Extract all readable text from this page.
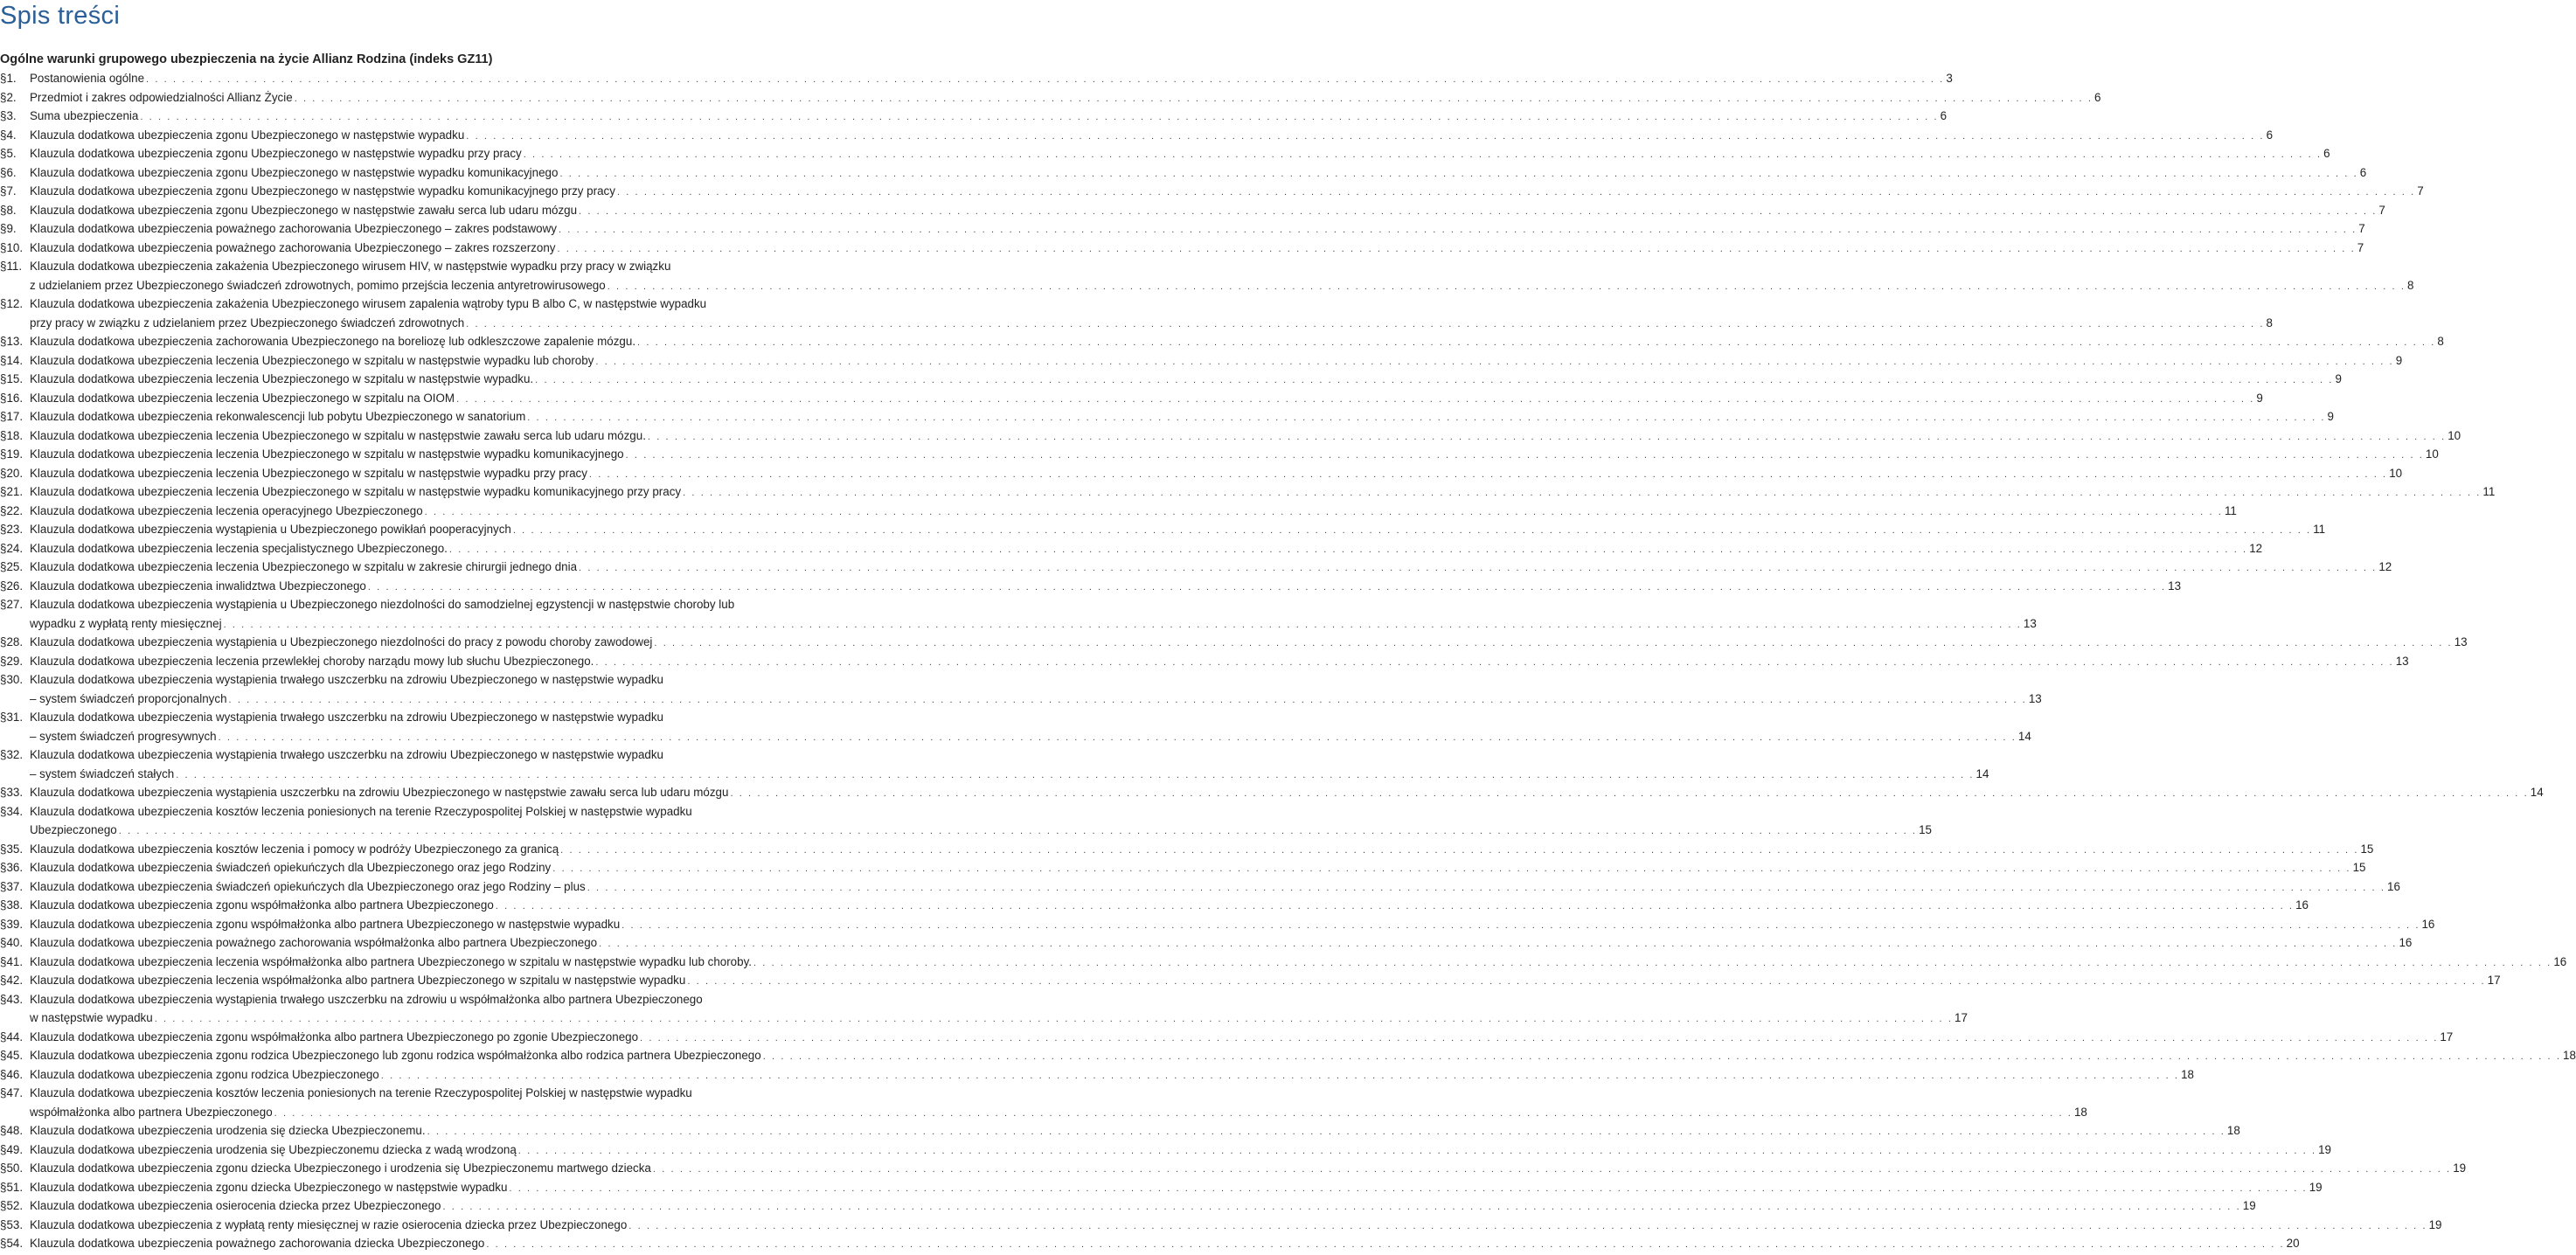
Spis treści
Ogólne warunki grupowego ubezpieczenia na życie Allianz Rodzina (indeks GZ11)
§1. Postanowienia ogólne . . . . . . . . . . . . . . . . . . . . . . . . . . . . . . . . . . . . . . . . . . . . . . . . . . . . . . . . . . . . . . . . . . . . . . . . . . . . . . . . . . . . . . . . . . . . . . . . . . . . . . . . . . . . . . . . . . . . . . . . . . . . . . . . . . . . . . . . . . . . . . . . . . . . . . . . . . . . . . . . . . . . . . . . . . . . . . . . . . . . . . . . . . . . . . . . . . . . . . . . 3
§2. Przedmiot i zakres odpowiedzialności Allianz Życie . . . . . . . . . . . . . . . . . . . . . . . . . . . . . . . . . . . . . . . . . . . . . . . . . . . . . . . . . . . . . . . . . . . . . . . . . . . . . . . . . . . . . . . . . . . . . . . . . . . . . . . . . . . . . . . . . . . . . . . . . . . . . . . . . . . . . . . . . . . . . . . . . . . . . . . . . . . . . . . . . . . . . . . . . . . . . . . . . . . . . . . . . . . . . . . . . . . . . . . . 6
§3. Suma ubezpieczenia . . . . . . . . . . . . . . . . . . . . . . . . . . . . . . . . . . . . . . . . . . . . . . . . . . . . . . . . . . . . . . . . . . . . . . . . . . . . . . . . . . . . . . . . . . . . . . . . . . . . . . . . . . . . . . . . . . . . . . . . . . . . . . . . . . . . . . . . . . . . . . . . . . . . . . . . . . . . . . . . . . . . . . . . . . . . . . . . . . . . . . . . . . . . . . . . . . . . . . . . 6
§4. Klauzula dodatkowa ubezpieczenia zgonu Ubezpieczonego w następstwie wypadku . . . . . . . . . . . . . . . . . . . . . . . . . . . . . . . . . . . . . . . . . . . . . . . . . . . . . . . . . . . . . . . . . . . . . . . . . . . . . . . . . . . . . . . . . . . . . . . . . . . . . . . . . . . . . . . . . . . . . . . . . . . . . . . . . . . . . . . . . . . . . . . . . . . . . . . . . . . . . . . . . . . . . . . . . . . . . . . . . . . . . . . . . . . . . . . . . . . . . . . . 6
§5. Klauzula dodatkowa ubezpieczenia zgonu Ubezpieczonego w następstwie wypadku przy pracy . . . . . . . . . . . . . . . . . . . . . . . . . . . . . . . . . . . . . . . . . . . . . . . . . . . . . . . . . . . . . . . . . . . . . . . . . . . . . . . . . . . . . . . . . . . . . . . . . . . . . . . . . . . . . . . . . . . . . . . . . . . . . . . . . . . . . . . . . . . . . . . . . . . . . . . . . . . . . . . . . . . . . . . . . . . . . . . . . . . . . . . . . . . . . . . . . . . . . . . . 6
§6. Klauzula dodatkowa ubezpieczenia zgonu Ubezpieczonego w następstwie wypadku komunikacyjnego . . . . . . . . . . . . . . . . . . . . . . . . . . . . . . . . . . . . . . . . . . . . . . . . . . . . . . . . . . . . . . . . . . . . . . . . . . . . . . . . . . . . . . . . . . . . . . . . . . . . . . . . . . . . . . . . . . . . . . . . . . . . . . . . . . . . . . . . . . . . . . . . . . . . . . . . . . . . . . . . . . . . . . . . . . . . . . . . . . . . . . . . . . . . . . . . . . . . . . . . 6
§7. Klauzula dodatkowa ubezpieczenia zgonu Ubezpieczonego w następstwie wypadku komunikacyjnego przy pracy . . . . . . . . . . . . . . . . . . . . . . . . . . . . . . . . . . . . . . . . . . . . . . . . . . . . . . . . . . . . . . . . . . . . . . . . . . . . . . . . . . . . . . . . . . . . . . . . . . . . . . . . . . . . . . . . . . . . . . . . . . . . . . . . . . . . . . . . . . . . . . . . . . . . . . . . . . . . . . . . . . . . . . . . . . . . . . . . . . . . . . . . . . . . . . . . . . . . . . . . 7
§8. Klauzula dodatkowa ubezpieczenia zgonu Ubezpieczonego w następstwie zawału serca lub udaru mózgu . . . . . . . . . . . . . . . . . . . . . . . . . . . . . . . . . . . . . . . . . . . . . . . . . . . . . . . . . . . . . . . . . . . . . . . . . . . . . . . . . . . . . . . . . . . . . . . . . . . . . . . . . . . . . . . . . . . . . . . . . . . . . . . . . . . . . . . . . . . . . . . . . . . . . . . . . . . . . . . . . . . . . . . . . . . . . . . . . . . . . . . . . . . . . . . . . . . . . . . . 7
§9. Klauzula dodatkowa ubezpieczenia poważnego zachorowania Ubezpieczonego – zakres podstawowy . . . . . . . . . . . . . . . . . . . . . . . . . . . . . . . . . . . . . . . . . . . . . . . . . . . . . . . . . . . . . . . . . . . . . . . . . . . . . . . . . . . . . . . . . . . . . . . . . . . . . . . . . . . . . . . . . . . . . . . . . . . . . . . . . . . . . . . . . . . . . . . . . . . . . . . . . . . . . . . . . . . . . . . . . . . . . . . . . . . . . . . . . . . . . . . . . . . . . . . . 7
§10. Klauzula dodatkowa ubezpieczenia poważnego zachorowania Ubezpieczonego – zakres rozszerzony . . . . . . . . . . . . . . . . . . . . . . . . . . . . . . . . . . . . . . . . . . . . . . . . . . . . . . . . . . . . . . . . . . . . . . . . . . . . . . . . . . . . . . . . . . . . . . . . . . . . . . . . . . . . . . . . . . . . . . . . . . . . . . . . . . . . . . . . . . . . . . . . . . . . . . . . . . . . . . . . . . . . . . . . . . . . . . . . . . . . . . . . . . . . . . . . . . . . . . . . 7
§11. Klauzula dodatkowa ubezpieczenia zakażenia Ubezpieczonego wirusem HIV, w następstwie wypadku przy pracy w związku
z udzielaniem przez Ubezpieczonego świadczeń zdrowotnych, pomimo przejścia leczenia antyretrowirusowego . . . . . . . . . . . . . . . . . . . . . . . . . . . . . . . . . . . . . . . . . . . . . . . . . . . . . . . . . . . . . . . . . . . . . . . . . . . . . . . . . . . . . . . . . . . . . . . . . . . . . . . . . . . . . . . . . . . . . . . . . . . . . . . . . . . . . . . . . . . . . . . . . . . . . . . . . . . . . . . . . . . . . . . . . . . . . . . . . . . . . . . . . . . . . . . . . . . . . . . . 8
§12. Klauzula dodatkowa ubezpieczenia zakażenia Ubezpieczonego wirusem zapalenia wątroby typu B albo C, w następstwie wypadku
przy pracy w związku z udzielaniem przez Ubezpieczonego świadczeń zdrowotnych . . . . . . . . . . . . . . . . . . . . . . . . . . . . . . . . . . . . . . . . . . . . . . . . . . . . . . . . . . . . . . . . . . . . . . . . . . . . . . . . . . . . . . . . . . . . . . . . . . . . . . . . . . . . . . . . . . . . . . . . . . . . . . . . . . . . . . . . . . . . . . . . . . . . . . . . . . . . . . . . . . . . . . . . . . . . . . . . . . . . . . . . . . . . . . . . . . . . . . . . 8
§13. Klauzula dodatkowa ubezpieczenia zachorowania Ubezpieczonego na boreliozę lub odkleszczowe zapalenie mózgu. . . . . . . . . . . . . . . . . . . . . . . . . . . . . . . . . . . . . . . . . . . . . . . . . . . . . . . . . . . . . . . . . . . . . . . . . . . . . . . . . . . . . . . . . . . . . . . . . . . . . . . . . . . . . . . . . . . . . . . . . . . . . . . . . . . . . . . . . . . . . . . . . . . . . . . . . . . . . . . . . . . . . . . . . . . . . . . . . . . . . . . . . . . . . . . . . . . . . . . . . 8
§14. Klauzula dodatkowa ubezpieczenia leczenia Ubezpieczonego w szpitalu w następstwie wypadku lub choroby . . . . . . . . . . . . . . . . . . . . . . . . . . . . . . . . . . . . . . . . . . . . . . . . . . . . . . . . . . . . . . . . . . . . . . . . . . . . . . . . . . . . . . . . . . . . . . . . . . . . . . . . . . . . . . . . . . . . . . . . . . . . . . . . . . . . . . . . . . . . . . . . . . . . . . . . . . . . . . . . . . . . . . . . . . . . . . . . . . . . . . . . . . . . . . . . . . . . . . . . 9
§15. Klauzula dodatkowa ubezpieczenia leczenia Ubezpieczonego w szpitalu w następstwie wypadku. . . . . . . . . . . . . . . . . . . . . . . . . . . . . . . . . . . . . . . . . . . . . . . . . . . . . . . . . . . . . . . . . . . . . . . . . . . . . . . . . . . . . . . . . . . . . . . . . . . . . . . . . . . . . . . . . . . . . . . . . . . . . . . . . . . . . . . . . . . . . . . . . . . . . . . . . . . . . . . . . . . . . . . . . . . . . . . . . . . . . . . . . . . . . . . . . . . . . . . . . 9
§16. Klauzula dodatkowa ubezpieczenia leczenia Ubezpieczonego w szpitalu na OIOM . . . . . . . . . . . . . . . . . . . . . . . . . . . . . . . . . . . . . . . . . . . . . . . . . . . . . . . . . . . . . . . . . . . . . . . . . . . . . . . . . . . . . . . . . . . . . . . . . . . . . . . . . . . . . . . . . . . . . . . . . . . . . . . . . . . . . . . . . . . . . . . . . . . . . . . . . . . . . . . . . . . . . . . . . . . . . . . . . . . . . . . . . . . . . . . . . . . . . . . . 9
§17. Klauzula dodatkowa ubezpieczenia rekonwalescencji lub pobytu Ubezpieczonego w sanatorium . . . . . . . . . . . . . . . . . . . . . . . . . . . . . . . . . . . . . . . . . . . . . . . . . . . . . . . . . . . . . . . . . . . . . . . . . . . . . . . . . . . . . . . . . . . . . . . . . . . . . . . . . . . . . . . . . . . . . . . . . . . . . . . . . . . . . . . . . . . . . . . . . . . . . . . . . . . . . . . . . . . . . . . . . . . . . . . . . . . . . . . . . . . . . . . . . . . . . . . . 9
§18. Klauzula dodatkowa ubezpieczenia leczenia Ubezpieczonego w szpitalu w następstwie zawału serca lub udaru mózgu. . . . . . . . . . . . . . . . . . . . . . . . . . . . . . . . . . . . . . . . . . . . . . . . . . . . . . . . . . . . . . . . . . . . . . . . . . . . . . . . . . . . . . . . . . . . . . . . . . . . . . . . . . . . . . . . . . . . . . . . . . . . . . . . . . . . . . . . . . . . . . . . . . . . . . . . . . . . . . . . . . . . . . . . . . . . . . . . . . . . . . . . . . . . . . . . . . . . . . . . . 10
§19. Klauzula dodatkowa ubezpieczenia leczenia Ubezpieczonego w szpitalu w następstwie wypadku komunikacyjnego . . . . . . . . . . . . . . . . . . . . . . . . . . . . . . . . . . . . . . . . . . . . . . . . . . . . . . . . . . . . . . . . . . . . . . . . . . . . . . . . . . . . . . . . . . . . . . . . . . . . . . . . . . . . . . . . . . . . . . . . . . . . . . . . . . . . . . . . . . . . . . . . . . . . . . . . . . . . . . . . . . . . . . . . . . . . . . . . . . . . . . . . . . . . . . . . . . . . . . . . 10
§20. Klauzula dodatkowa ubezpieczenia leczenia Ubezpieczonego w szpitalu w następstwie wypadku przy pracy . . . . . . . . . . . . . . . . . . . . . . . . . . . . . . . . . . . . . . . . . . . . . . . . . . . . . . . . . . . . . . . . . . . . . . . . . . . . . . . . . . . . . . . . . . . . . . . . . . . . . . . . . . . . . . . . . . . . . . . . . . . . . . . . . . . . . . . . . . . . . . . . . . . . . . . . . . . . . . . . . . . . . . . . . . . . . . . . . . . . . . . . . . . . . . . . . . . . . . . . 10
§21. Klauzula dodatkowa ubezpieczenia leczenia Ubezpieczonego w szpitalu w następstwie wypadku komunikacyjnego przy pracy . . . . . . . . . . . . . . . . . . . . . . . . . . . . . . . . . . . . . . . . . . . . . . . . . . . . . . . . . . . . . . . . . . . . . . . . . . . . . . . . . . . . . . . . . . . . . . . . . . . . . . . . . . . . . . . . . . . . . . . . . . . . . . . . . . . . . . . . . . . . . . . . . . . . . . . . . . . . . . . . . . . . . . . . . . . . . . . . . . . . . . . . . . . . . . . . . . . . . . . . 11
§22. Klauzula dodatkowa ubezpieczenia leczenia operacyjnego Ubezpieczonego . . . . . . . . . . . . . . . . . . . . . . . . . . . . . . . . . . . . . . . . . . . . . . . . . . . . . . . . . . . . . . . . . . . . . . . . . . . . . . . . . . . . . . . . . . . . . . . . . . . . . . . . . . . . . . . . . . . . . . . . . . . . . . . . . . . . . . . . . . . . . . . . . . . . . . . . . . . . . . . . . . . . . . . . . . . . . . . . . . . . . . . . . . . . . . . . . . . . . . . . 11
§23. Klauzula dodatkowa ubezpieczenia wystąpienia u Ubezpieczonego powikłań pooperacyjnych . . . . . . . . . . . . . . . . . . . . . . . . . . . . . . . . . . . . . . . . . . . . . . . . . . . . . . . . . . . . . . . . . . . . . . . . . . . . . . . . . . . . . . . . . . . . . . . . . . . . . . . . . . . . . . . . . . . . . . . . . . . . . . . . . . . . . . . . . . . . . . . . . . . . . . . . . . . . . . . . . . . . . . . . . . . . . . . . . . . . . . . . . . . . . . . . . . . . . . . . 11
§24. Klauzula dodatkowa ubezpieczenia leczenia specjalistycznego Ubezpieczonego. . . . . . . . . . . . . . . . . . . . . . . . . . . . . . . . . . . . . . . . . . . . . . . . . . . . . . . . . . . . . . . . . . . . . . . . . . . . . . . . . . . . . . . . . . . . . . . . . . . . . . . . . . . . . . . . . . . . . . . . . . . . . . . . . . . . . . . . . . . . . . . . . . . . . . . . . . . . . . . . . . . . . . . . . . . . . . . . . . . . . . . . . . . . . . . . . . . . . . . . . 12
§25. Klauzula dodatkowa ubezpieczenia leczenia Ubezpieczonego w szpitalu w zakresie chirurgii jednego dnia . . . . . . . . . . . . . . . . . . . . . . . . . . . . . . . . . . . . . . . . . . . . . . . . . . . . . . . . . . . . . . . . . . . . . . . . . . . . . . . . . . . . . . . . . . . . . . . . . . . . . . . . . . . . . . . . . . . . . . . . . . . . . . . . . . . . . . . . . . . . . . . . . . . . . . . . . . . . . . . . . . . . . . . . . . . . . . . . . . . . . . . . . . . . . . . . . . . . . . . . 12
§26. Klauzula dodatkowa ubezpieczenia inwalidztwa Ubezpieczonego . . . . . . . . . . . . . . . . . . . . . . . . . . . . . . . . . . . . . . . . . . . . . . . . . . . . . . . . . . . . . . . . . . . . . . . . . . . . . . . . . . . . . . . . . . . . . . . . . . . . . . . . . . . . . . . . . . . . . . . . . . . . . . . . . . . . . . . . . . . . . . . . . . . . . . . . . . . . . . . . . . . . . . . . . . . . . . . . . . . . . . . . . . . . . . . . . . . . . . . . 13
§27. Klauzula dodatkowa ubezpieczenia wystąpienia u Ubezpieczonego niezdolności do samodzielnej egzystencji w następstwie choroby lub
wypadku z wypłatą renty miesięcznej . . . . . . . . . . . . . . . . . . . . . . . . . . . . . . . . . . . . . . . . . . . . . . . . . . . . . . . . . . . . . . . . . . . . . . . . . . . . . . . . . . . . . . . . . . . . . . . . . . . . . . . . . . . . . . . . . . . . . . . . . . . . . . . . . . . . . . . . . . . . . . . . . . . . . . . . . . . . . . . . . . . . . . . . . . . . . . . . . . . . . . . . . . . . . . . . . . . . . . . . 13
§28. Klauzula dodatkowa ubezpieczenia wystąpienia u Ubezpieczonego niezdolności do pracy z powodu choroby zawodowej . . . . . . . . . . . . . . . . . . . . . . . . . . . . . . . . . . . . . . . . . . . . . . . . . . . . . . . . . . . . . . . . . . . . . . . . . . . . . . . . . . . . . . . . . . . . . . . . . . . . . . . . . . . . . . . . . . . . . . . . . . . . . . . . . . . . . . . . . . . . . . . . . . . . . . . . . . . . . . . . . . . . . . . . . . . . . . . . . . . . . . . . . . . . . . . . . . . . . . . . 13
§29. Klauzula dodatkowa ubezpieczenia leczenia przewlekłej choroby narządu mowy lub słuchu Ubezpieczonego. . . . . . . . . . . . . . . . . . . . . . . . . . . . . . . . . . . . . . . . . . . . . . . . . . . . . . . . . . . . . . . . . . . . . . . . . . . . . . . . . . . . . . . . . . . . . . . . . . . . . . . . . . . . . . . . . . . . . . . . . . . . . . . . . . . . . . . . . . . . . . . . . . . . . . . . . . . . . . . . . . . . . . . . . . . . . . . . . . . . . . . . . . . . . . . . . . . . . . . . . 13
§30. Klauzula dodatkowa ubezpieczenia wystąpienia trwałego uszczerbku na zdrowiu Ubezpieczonego w następstwie wypadku
– system świadczeń proporcjonalnych . . . . . . . . . . . . . . . . . . . . . . . . . . . . . . . . . . . . . . . . . . . . . . . . . . . . . . . . . . . . . . . . . . . . . . . . . . . . . . . . . . . . . . . . . . . . . . . . . . . . . . . . . . . . . . . . . . . . . . . . . . . . . . . . . . . . . . . . . . . . . . . . . . . . . . . . . . . . . . . . . . . . . . . . . . . . . . . . . . . . . . . . . . . . . . . . . . . . . . . . 13
§31. Klauzula dodatkowa ubezpieczenia wystąpienia trwałego uszczerbku na zdrowiu Ubezpieczonego w następstwie wypadku
– system świadczeń progresywnych . . . . . . . . . . . . . . . . . . . . . . . . . . . . . . . . . . . . . . . . . . . . . . . . . . . . . . . . . . . . . . . . . . . . . . . . . . . . . . . . . . . . . . . . . . . . . . . . . . . . . . . . . . . . . . . . . . . . . . . . . . . . . . . . . . . . . . . . . . . . . . . . . . . . . . . . . . . . . . . . . . . . . . . . . . . . . . . . . . . . . . . . . . . . . . . . . . . . . . . . 14
§32. Klauzula dodatkowa ubezpieczenia wystąpienia trwałego uszczerbku na zdrowiu Ubezpieczonego w następstwie wypadku
– system świadczeń stałych . . . . . . . . . . . . . . . . . . . . . . . . . . . . . . . . . . . . . . . . . . . . . . . . . . . . . . . . . . . . . . . . . . . . . . . . . . . . . . . . . . . . . . . . . . . . . . . . . . . . . . . . . . . . . . . . . . . . . . . . . . . . . . . . . . . . . . . . . . . . . . . . . . . . . . . . . . . . . . . . . . . . . . . . . . . . . . . . . . . . . . . . . . . . . . . . . . . . . . . . 14
§33. Klauzula dodatkowa ubezpieczenia wystąpienia uszczerbku na zdrowiu Ubezpieczonego w następstwie zawału serca lub udaru mózgu . . . . . . . . . . . . . . . . . . . . . . . . . . . . . . . . . . . . . . . . . . . . . . . . . . . . . . . . . . . . . . . . . . . . . . . . . . . . . . . . . . . . . . . . . . . . . . . . . . . . . . . . . . . . . . . . . . . . . . . . . . . . . . . . . . . . . . . . . . . . . . . . . . . . . . . . . . . . . . . . . . . . . . . . . . . . . . . . . . . . . . . . . . . . . . . . . . . . . . . . 14
§34. Klauzula dodatkowa ubezpieczenia kosztów leczenia poniesionych na terenie Rzeczypospolitej Polskiej w następstwie wypadku
Ubezpieczonego . . . . . . . . . . . . . . . . . . . . . . . . . . . . . . . . . . . . . . . . . . . . . . . . . . . . . . . . . . . . . . . . . . . . . . . . . . . . . . . . . . . . . . . . . . . . . . . . . . . . . . . . . . . . . . . . . . . . . . . . . . . . . . . . . . . . . . . . . . . . . . . . . . . . . . . . . . . . . . . . . . . . . . . . . . . . . . . . . . . . . . . . . . . . . . . . . . . . . . . . 15
§35. Klauzula dodatkowa ubezpieczenia kosztów leczenia i pomocy w podróży Ubezpieczonego za granicą . . . . . . . . . . . . . . . . . . . . . . . . . . . . . . . . . . . . . . . . . . . . . . . . . . . . . . . . . . . . . . . . . . . . . . . . . . . . . . . . . . . . . . . . . . . . . . . . . . . . . . . . . . . . . . . . . . . . . . . . . . . . . . . . . . . . . . . . . . . . . . . . . . . . . . . . . . . . . . . . . . . . . . . . . . . . . . . . . . . . . . . . . . . . . . . . . . . . . . . . 15
§36. Klauzula dodatkowa ubezpieczenia świadczeń opiekuńczych dla Ubezpieczonego oraz jego Rodziny . . . . . . . . . . . . . . . . . . . . . . . . . . . . . . . . . . . . . . . . . . . . . . . . . . . . . . . . . . . . . . . . . . . . . . . . . . . . . . . . . . . . . . . . . . . . . . . . . . . . . . . . . . . . . . . . . . . . . . . . . . . . . . . . . . . . . . . . . . . . . . . . . . . . . . . . . . . . . . . . . . . . . . . . . . . . . . . . . . . . . . . . . . . . . . . . . . . . . . . . 15
§37. Klauzula dodatkowa ubezpieczenia świadczeń opiekuńczych dla Ubezpieczonego oraz jego Rodziny – plus . . . . . . . . . . . . . . . . . . . . . . . . . . . . . . . . . . . . . . . . . . . . . . . . . . . . . . . . . . . . . . . . . . . . . . . . . . . . . . . . . . . . . . . . . . . . . . . . . . . . . . . . . . . . . . . . . . . . . . . . . . . . . . . . . . . . . . . . . . . . . . . . . . . . . . . . . . . . . . . . . . . . . . . . . . . . . . . . . . . . . . . . . . . . . . . . . . . . . . . . 16
§38. Klauzula dodatkowa ubezpieczenia zgonu współmałżonka albo partnera Ubezpieczonego . . . . . . . . . . . . . . . . . . . . . . . . . . . . . . . . . . . . . . . . . . . . . . . . . . . . . . . . . . . . . . . . . . . . . . . . . . . . . . . . . . . . . . . . . . . . . . . . . . . . . . . . . . . . . . . . . . . . . . . . . . . . . . . . . . . . . . . . . . . . . . . . . . . . . . . . . . . . . . . . . . . . . . . . . . . . . . . . . . . . . . . . . . . . . . . . . . . . . . . . 16
§39. Klauzula dodatkowa ubezpieczenia zgonu współmałżonka albo partnera Ubezpieczonego w następstwie wypadku . . . . . . . . . . . . . . . . . . . . . . . . . . . . . . . . . . . . . . . . . . . . . . . . . . . . . . . . . . . . . . . . . . . . . . . . . . . . . . . . . . . . . . . . . . . . . . . . . . . . . . . . . . . . . . . . . . . . . . . . . . . . . . . . . . . . . . . . . . . . . . . . . . . . . . . . . . . . . . . . . . . . . . . . . . . . . . . . . . . . . . . . . . . . . . . . . . . . . . . . 16
§40. Klauzula dodatkowa ubezpieczenia poważnego zachorowania współmałżonka albo partnera Ubezpieczonego . . . . . . . . . . . . . . . . . . . . . . . . . . . . . . . . . . . . . . . . . . . . . . . . . . . . . . . . . . . . . . . . . . . . . . . . . . . . . . . . . . . . . . . . . . . . . . . . . . . . . . . . . . . . . . . . . . . . . . . . . . . . . . . . . . . . . . . . . . . . . . . . . . . . . . . . . . . . . . . . . . . . . . . . . . . . . . . . . . . . . . . . . . . . . . . . . . . . . . . . 16
§41. Klauzula dodatkowa ubezpieczenia leczenia współmałżonka albo partnera Ubezpieczonego w szpitalu w następstwie wypadku lub choroby. . . . . . . . . . . . . . . . . . . . . . . . . . . . . . . . . . . . . . . . . . . . . . . . . . . . . . . . . . . . . . . . . . . . . . . . . . . . . . . . . . . . . . . . . . . . . . . . . . . . . . . . . . . . . . . . . . . . . . . . . . . . . . . . . . . . . . . . . . . . . . . . . . . . . . . . . . . . . . . . . . . . . . . . . . . . . . . . . . . . . . . . . . . . . . . . . . . . . . . . . 16
§42. Klauzula dodatkowa ubezpieczenia leczenia współmałżonka albo partnera Ubezpieczonego w szpitalu w następstwie wypadku . . . . . . . . . . . . . . . . . . . . . . . . . . . . . . . . . . . . . . . . . . . . . . . . . . . . . . . . . . . . . . . . . . . . . . . . . . . . . . . . . . . . . . . . . . . . . . . . . . . . . . . . . . . . . . . . . . . . . . . . . . . . . . . . . . . . . . . . . . . . . . . . . . . . . . . . . . . . . . . . . . . . . . . . . . . . . . . . . . . . . . . . . . . . . . . . . . . . . . . . 17
§43. Klauzula dodatkowa ubezpieczenia wystąpienia trwałego uszczerbku na zdrowiu u współmałżonka albo partnera Ubezpieczonego
w następstwie wypadku . . . . . . . . . . . . . . . . . . . . . . . . . . . . . . . . . . . . . . . . . . . . . . . . . . . . . . . . . . . . . . . . . . . . . . . . . . . . . . . . . . . . . . . . . . . . . . . . . . . . . . . . . . . . . . . . . . . . . . . . . . . . . . . . . . . . . . . . . . . . . . . . . . . . . . . . . . . . . . . . . . . . . . . . . . . . . . . . . . . . . . . . . . . . . . . . . . . . . . . . 17
§44. Klauzula dodatkowa ubezpieczenia zgonu współmałżonka albo partnera Ubezpieczonego po zgonie Ubezpieczonego . . . . . . . . . . . . . . . . . . . . . . . . . . . . . . . . . . . . . . . . . . . . . . . . . . . . . . . . . . . . . . . . . . . . . . . . . . . . . . . . . . . . . . . . . . . . . . . . . . . . . . . . . . . . . . . . . . . . . . . . . . . . . . . . . . . . . . . . . . . . . . . . . . . . . . . . . . . . . . . . . . . . . . . . . . . . . . . . . . . . . . . . . . . . . . . . . . . . . . . . 17
§45. Klauzula dodatkowa ubezpieczenia zgonu rodzica Ubezpieczonego lub zgonu rodzica współmałżonka albo rodzica partnera Ubezpieczonego . . . . . . . . . . . . . . . . . . . . . . . . . . . . . . . . . . . . . . . . . . . . . . . . . . . . . . . . . . . . . . . . . . . . . . . . . . . . . . . . . . . . . . . . . . . . . . . . . . . . . . . . . . . . . . . . . . . . . . . . . . . . . . . . . . . . . . . . . . . . . . . . . . . . . . . . . . . . . . . . . . . . . . . . . . . . . . . . . . . . . . . . . . . . . . . . . . . . . . . . 18
§46. Klauzula dodatkowa ubezpieczenia zgonu rodzica Ubezpieczonego . . . . . . . . . . . . . . . . . . . . . . . . . . . . . . . . . . . . . . . . . . . . . . . . . . . . . . . . . . . . . . . . . . . . . . . . . . . . . . . . . . . . . . . . . . . . . . . . . . . . . . . . . . . . . . . . . . . . . . . . . . . . . . . . . . . . . . . . . . . . . . . . . . . . . . . . . . . . . . . . . . . . . . . . . . . . . . . . . . . . . . . . . . . . . . . . . . . . . . . . 18
§47. Klauzula dodatkowa ubezpieczenia kosztów leczenia poniesionych na terenie Rzeczypospolitej Polskiej w następstwie wypadku
współmałżonka albo partnera Ubezpieczonego . . . . . . . . . . . . . . . . . . . . . . . . . . . . . . . . . . . . . . . . . . . . . . . . . . . . . . . . . . . . . . . . . . . . . . . . . . . . . . . . . . . . . . . . . . . . . . . . . . . . . . . . . . . . . . . . . . . . . . . . . . . . . . . . . . . . . . . . . . . . . . . . . . . . . . . . . . . . . . . . . . . . . . . . . . . . . . . . . . . . . . . . . . . . . . . . . . . . . . . . 18
§48. Klauzula dodatkowa ubezpieczenia urodzenia się dziecka Ubezpieczonemu. . . . . . . . . . . . . . . . . . . . . . . . . . . . . . . . . . . . . . . . . . . . . . . . . . . . . . . . . . . . . . . . . . . . . . . . . . . . . . . . . . . . . . . . . . . . . . . . . . . . . . . . . . . . . . . . . . . . . . . . . . . . . . . . . . . . . . . . . . . . . . . . . . . . . . . . . . . . . . . . . . . . . . . . . . . . . . . . . . . . . . . . . . . . . . . . . . . . . . . . . 18
§49. Klauzula dodatkowa ubezpieczenia urodzenia się Ubezpieczonemu dziecka z wadą wrodzoną . . . . . . . . . . . . . . . . . . . . . . . . . . . . . . . . . . . . . . . . . . . . . . . . . . . . . . . . . . . . . . . . . . . . . . . . . . . . . . . . . . . . . . . . . . . . . . . . . . . . . . . . . . . . . . . . . . . . . . . . . . . . . . . . . . . . . . . . . . . . . . . . . . . . . . . . . . . . . . . . . . . . . . . . . . . . . . . . . . . . . . . . . . . . . . . . . . . . . . . . 19
§50. Klauzula dodatkowa ubezpieczenia zgonu dziecka Ubezpieczonego i urodzenia się Ubezpieczonemu martwego dziecka . . . . . . . . . . . . . . . . . . . . . . . . . . . . . . . . . . . . . . . . . . . . . . . . . . . . . . . . . . . . . . . . . . . . . . . . . . . . . . . . . . . . . . . . . . . . . . . . . . . . . . . . . . . . . . . . . . . . . . . . . . . . . . . . . . . . . . . . . . . . . . . . . . . . . . . . . . . . . . . . . . . . . . . . . . . . . . . . . . . . . . . . . . . . . . . . . . . . . . . . 19
§51. Klauzula dodatkowa ubezpieczenia zgonu dziecka Ubezpieczonego w następstwie wypadku . . . . . . . . . . . . . . . . . . . . . . . . . . . . . . . . . . . . . . . . . . . . . . . . . . . . . . . . . . . . . . . . . . . . . . . . . . . . . . . . . . . . . . . . . . . . . . . . . . . . . . . . . . . . . . . . . . . . . . . . . . . . . . . . . . . . . . . . . . . . . . . . . . . . . . . . . . . . . . . . . . . . . . . . . . . . . . . . . . . . . . . . . . . . . . . . . . . . . . . . 19
§52. Klauzula dodatkowa ubezpieczenia osierocenia dziecka przez Ubezpieczonego . . . . . . . . . . . . . . . . . . . . . . . . . . . . . . . . . . . . . . . . . . . . . . . . . . . . . . . . . . . . . . . . . . . . . . . . . . . . . . . . . . . . . . . . . . . . . . . . . . . . . . . . . . . . . . . . . . . . . . . . . . . . . . . . . . . . . . . . . . . . . . . . . . . . . . . . . . . . . . . . . . . . . . . . . . . . . . . . . . . . . . . . . . . . . . . . . . . . . . . . 19
§53. Klauzula dodatkowa ubezpieczenia z wypłatą renty miesięcznej w razie osierocenia dziecka przez Ubezpieczonego . . . . . . . . . . . . . . . . . . . . . . . . . . . . . . . . . . . . . . . . . . . . . . . . . . . . . . . . . . . . . . . . . . . . . . . . . . . . . . . . . . . . . . . . . . . . . . . . . . . . . . . . . . . . . . . . . . . . . . . . . . . . . . . . . . . . . . . . . . . . . . . . . . . . . . . . . . . . . . . . . . . . . . . . . . . . . . . . . . . . . . . . . . . . . . . . . . . . . . . . 19
§54. Klauzula dodatkowa ubezpieczenia poważnego zachorowania dziecka Ubezpieczonego . . . . . . . . . . . . . . . . . . . . . . . . . . . . . . . . . . . . . . . . . . . . . . . . . . . . . . . . . . . . . . . . . . . . . . . . . . . . . . . . . . . . . . . . . . . . . . . . . . . . . . . . . . . . . . . . . . . . . . . . . . . . . . . . . . . . . . . . . . . . . . . . . . . . . . . . . . . . . . . . . . . . . . . . . . . . . . . . . . . . . . . . . . . . . . . . . . . . . . . . 20
